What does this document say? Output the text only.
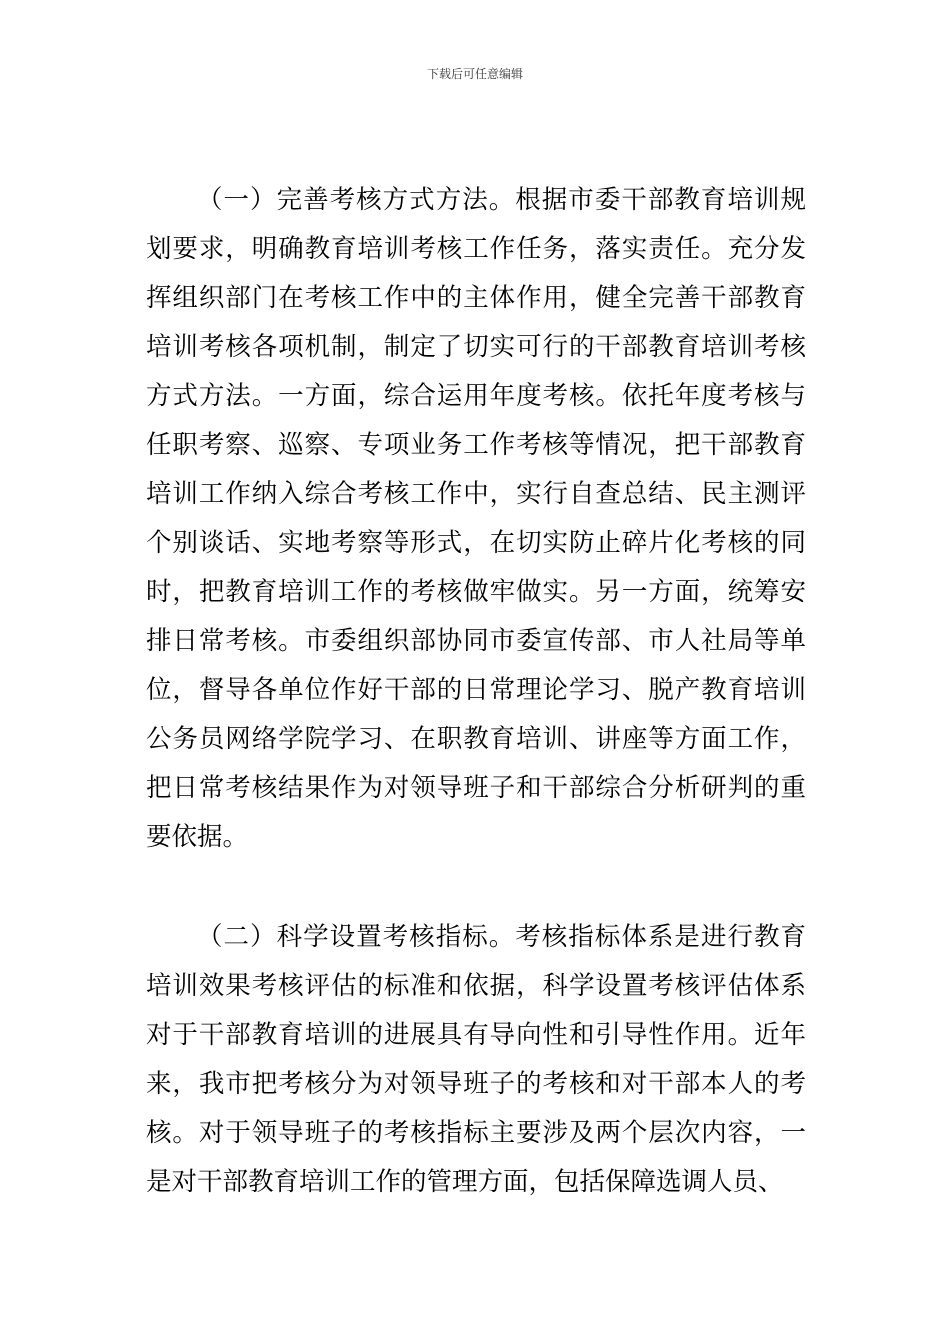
下载后可任意编辑

（一）完善考核方式方法。根据市委干部教育培训规划要求，明确教育培训考核工作任务，落实责任。充分发挥组织部门在考核工作中的主体作用，健全完善干部教育培训考核各项机制，制定了切实可行的干部教育培训考核方式方法。一方面，综合运用年度考核。依托年度考核与任职考察、巡察、专项业务工作考核等情况，把干部教育培训工作纳入综合考核工作中，实行自查总结、民主测评个别谈话、实地考察等形式，在切实防止碎片化考核的同时，把教育培训工作的考核做牢做实。另一方面，统筹安排日常考核。市委组织部协同市委宣传部、市人社局等单位，督导各单位作好干部的日常理论学习、脱产教育培训公务员网络学院学习、在职教育培训、讲座等方面工作，把日常考核结果作为对领导班子和干部综合分析研判的重要依据。

（二）科学设置考核指标。考核指标体系是进行教育培训效果考核评估的标准和依据，科学设置考核评估体系对于干部教育培训的进展具有导向性和引导性作用。近年来，我市把考核分为对领导班子的考核和对干部本人的考核。对于领导班子的考核指标主要涉及两个层次内容，一是对干部教育培训工作的管理方面，包括保障选调人员、
